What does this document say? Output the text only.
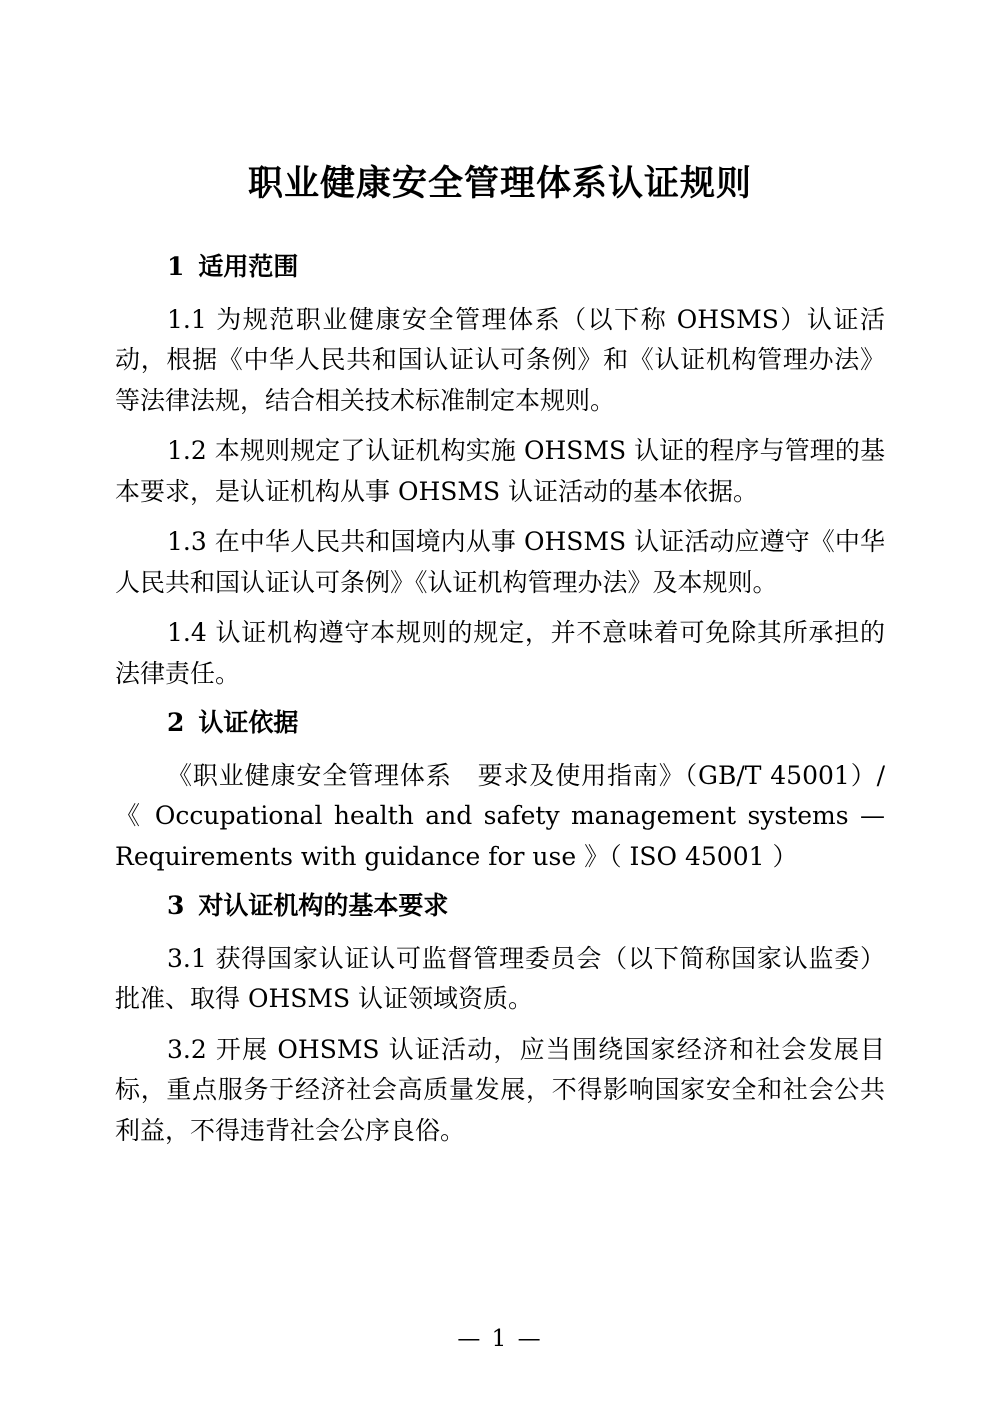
职业健康安全管理体系认证规则
1 适用范围

1.1 为规范职业健康安全管理体系（以下称 OHSMS）认证活动，根据《中华人民共和国认证认可条例》和《认证机构管理办法》等法律法规，结合相关技术标准制定本规则。

1.2 本规则规定了认证机构实施 OHSMS 认证的程序与管理的基本要求，是认证机构从事 OHSMS 认证活动的基本依据。

1.3 在中华人民共和国境内从事 OHSMS 认证活动应遵守《中华人民共和国认证认可条例》《认证机构管理办法》及本规则。

1.4 认证机构遵守本规则的规定，并不意味着可免除其所承担的法律责任。

2 认证依据

《职业健康安全管理体系　要求及使用指南》（GB/T 45001）/《 Occupational health and safety management systems — Requirements with guidance for use 》（ ISO 45001 ）

3 对认证机构的基本要求

3.1 获得国家认证认可监督管理委员会（以下简称国家认监委）批准、取得 OHSMS 认证领域资质。

3.2 开展 OHSMS 认证活动，应当围绕国家经济和社会发展目标，重点服务于经济社会高质量发展，不得影响国家安全和社会公共利益，不得违背社会公序良俗。

— 1 —
